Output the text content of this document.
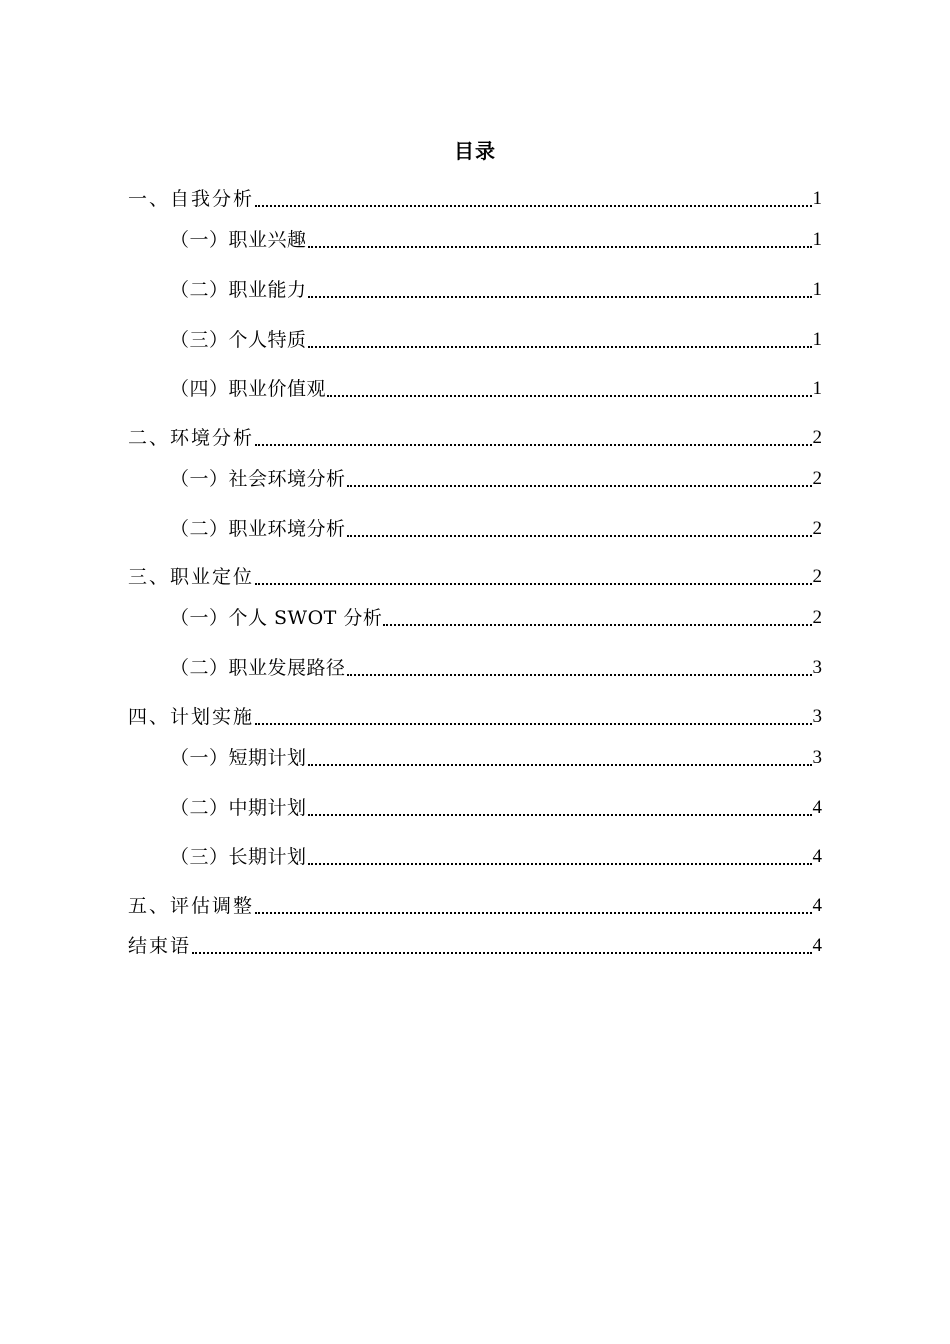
目录
一、自我分析	1
（一）职业兴趣	1
（二）职业能力	1
（三）个人特质	1
（四）职业价值观	1
二、环境分析	2
（一）社会环境分析	2
（二）职业环境分析	2
三、职业定位	2
（一）个人 SWOT 分析	2
（二）职业发展路径	3
四、计划实施	3
（一）短期计划	3
（二）中期计划	4
（三）长期计划	4
五、评估调整	4
结束语	4
